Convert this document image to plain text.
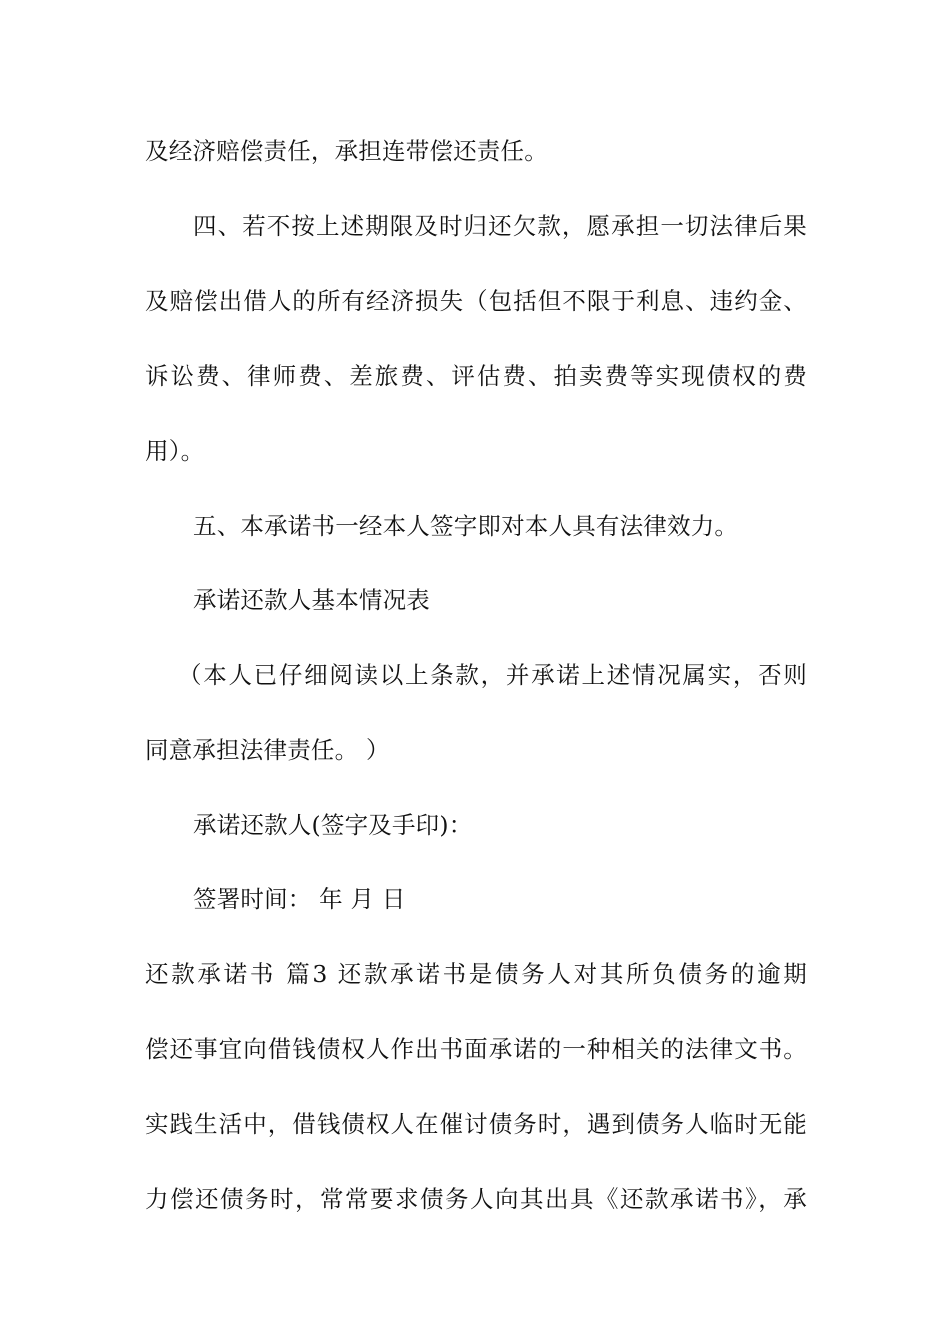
及经济赔偿责任，承担连带偿还责任。
四、若不按上述期限及时归还欠款，愿承担一切法律后果
及赔偿出借人的所有经济损失（包括但不限于利息、违约金、
诉讼费、律师费、差旅费、评估费、拍卖费等实现债权的费
用）。
五、本承诺书一经本人签字即对本人具有法律效力。
承诺还款人基本情况表
（本人已仔细阅读以上条款，并承诺上述情况属实，否则
同意承担法律责任。 ）
承诺还款人(签字及手印)：
签署时间： 年 月 日
还款承诺书 篇3 还款承诺书是债务人对其所负债务的逾期
偿还事宜向借钱债权人作出书面承诺的一种相关的法律文书。
实践生活中，借钱债权人在催讨债务时，遇到债务人临时无能
力偿还债务时，常常要求债务人向其出具《还款承诺书》，承
